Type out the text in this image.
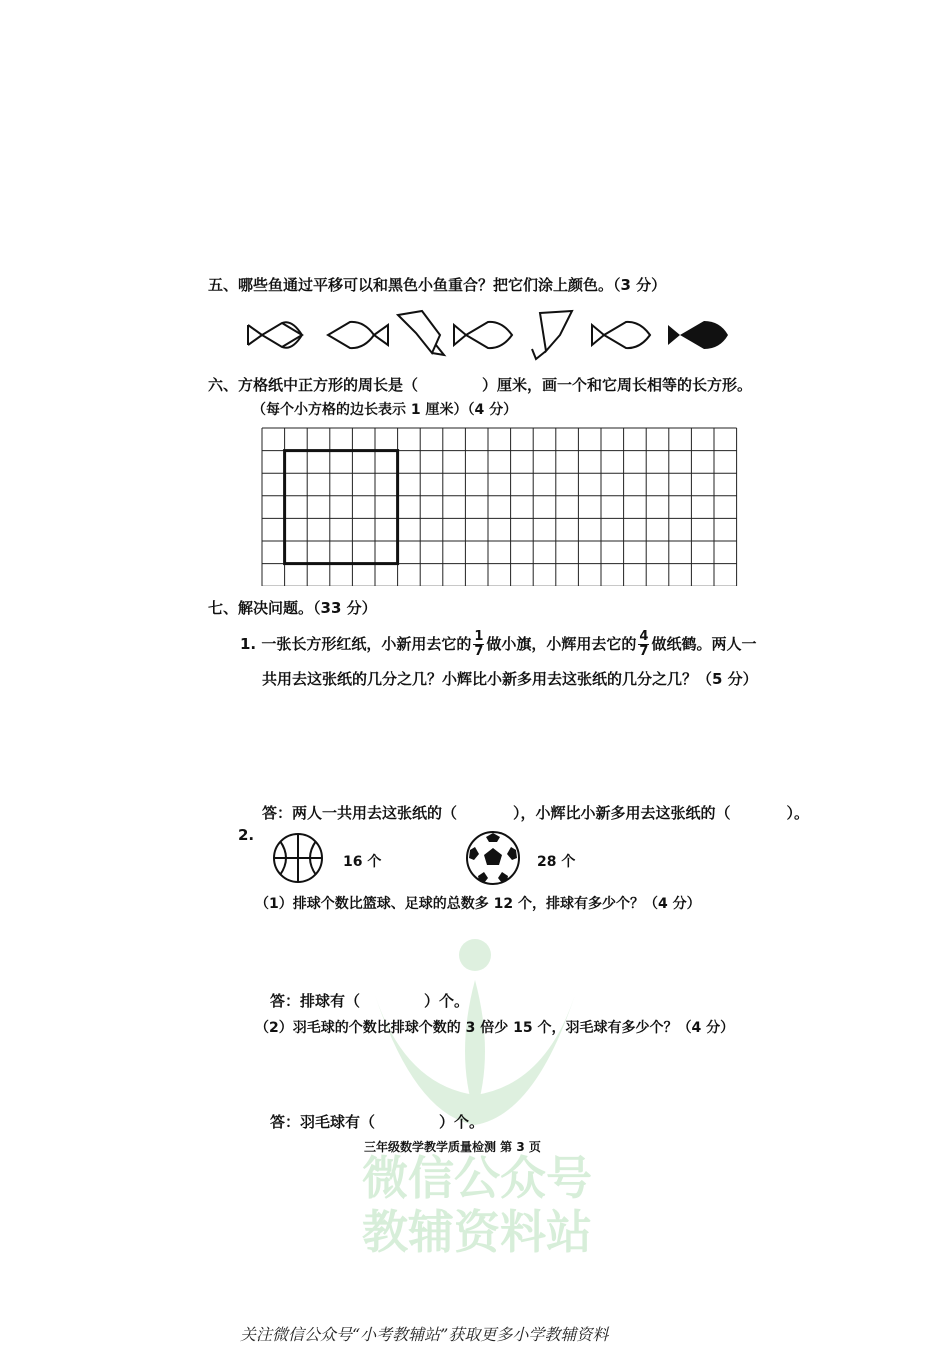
微信公众号
教辅资料站
五、哪些鱼通过平移可以和黑色小鱼重合？把它们涂上颜色。（3 分）
六、方格纸中正方形的周长是（	）厘米，画一个和它周长相等的长方形。
（每个小方格的边长表示 1 厘米）（4 分）
七、解决问题。（33 分）
1. 一张长方形红纸，小新用去它的 $\frac{1}{7}$ 做小旗，小辉用去它的 $\frac{4}{7}$ 做纸鹤。两人一
共用去这张纸的几分之几？小辉比小新多用去这张纸的几分之几？（5 分）
答：两人一共用去这张纸的（	），小辉比小新多用去这张纸的（	）。
2.
16 个	28 个
（1）排球个数比篮球、足球的总数多 12 个，排球有多少个？（4 分）
答：排球有（	）个。
（2）羽毛球的个数比排球个数的 3 倍少 15 个，羽毛球有多少个？（4 分）
答：羽毛球有（	）个。
三年级数学教学质量检测 第 3 页
关注微信公众号“小考教辅站”获取更多小学教辅资料
